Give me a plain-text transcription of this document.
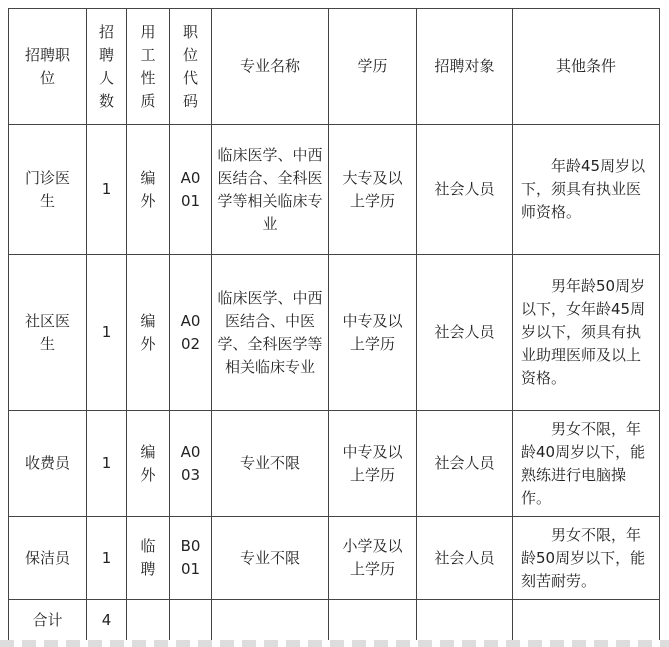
招聘职位	招聘人数	用工性质	职位代码	专业名称	学历	招聘对象	其他条件
门诊医生	1	编外	A001	临床医学、中西医结合、全科医学等相关临床专业	大专及以上学历	社会人员	年龄45周岁以下，须具有执业医师资格。
社区医生	1	编外	A002	临床医学、中西医结合、中医学、全科医学等相关临床专业	中专及以上学历	社会人员	男年龄50周岁以下，女年龄45周岁以下，须具有执业助理医师及以上资格。
收费员	1	编外	A003	专业不限	中专及以上学历	社会人员	男女不限，年龄40周岁以下，能熟练进行电脑操作。
保洁员	1	临聘	B001	专业不限	小学及以上学历	社会人员	男女不限，年龄50周岁以下，能刻苦耐劳。
合计	4						
